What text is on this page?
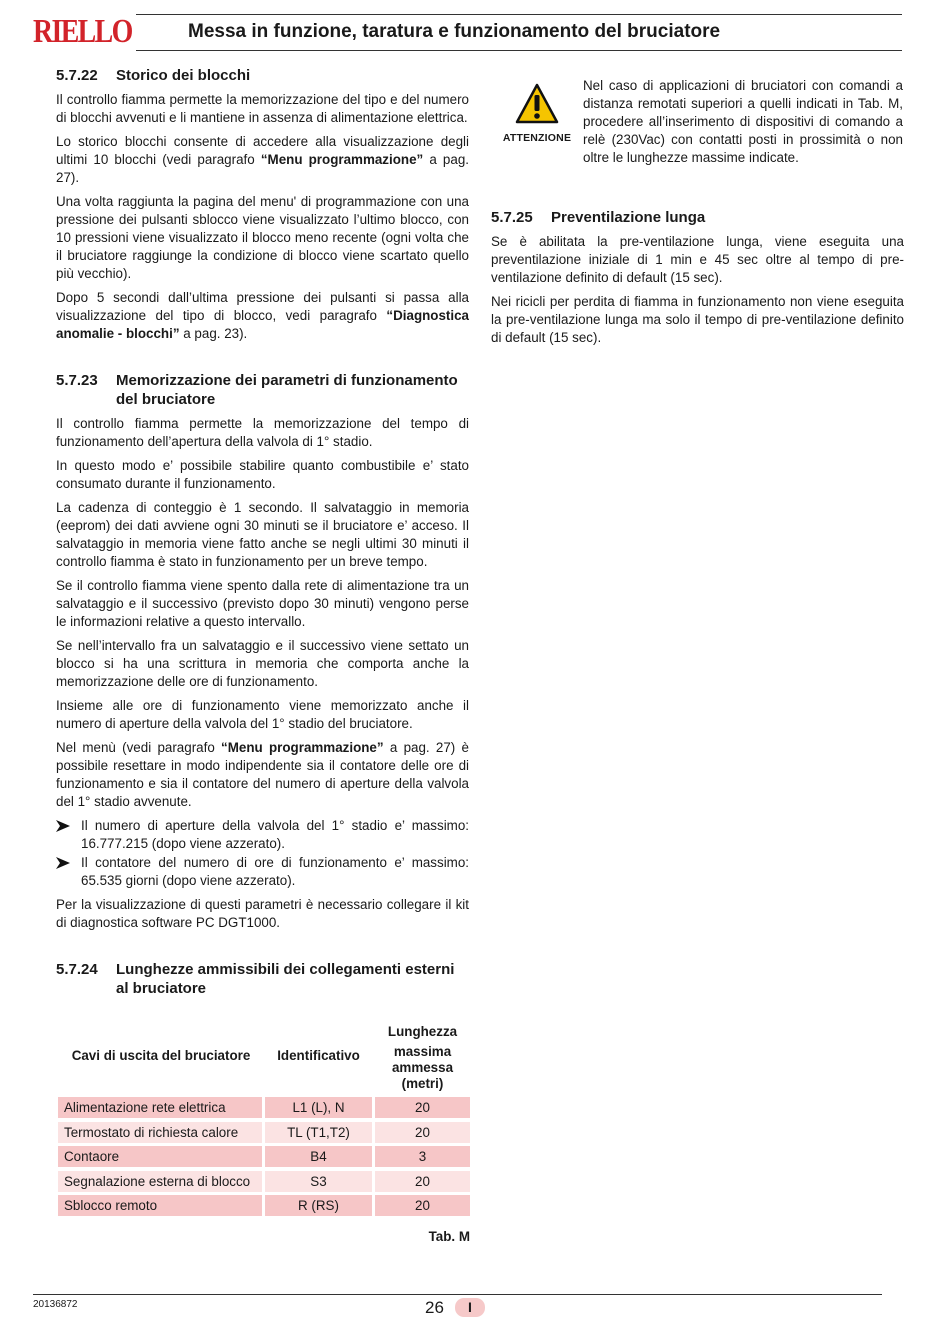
RIELLO	Messa in funzione, taratura e funzionamento del bruciatore
5.7.22	Storico dei blocchi

Il controllo fiamma permette la memorizzazione del tipo e del numero di blocchi avvenuti e li mantiene in assenza di alimentazione elettrica.

Lo storico blocchi consente di accedere alla visualizzazione degli ultimi 10 blocchi (vedi paragrafo “Menu programmazione” a pag. 27).

Una volta raggiunta la pagina del menu' di programmazione con una pressione dei pulsanti sblocco viene visualizzato l’ultimo blocco, con 10 pressioni viene visualizzato il blocco meno recente (ogni volta che il bruciatore raggiunge la condizione di blocco viene scartato quello più vecchio).

Dopo 5 secondi dall’ultima pressione dei pulsanti si passa alla visualizzazione del tipo di blocco, vedi paragrafo “Diagnostica anomalie - blocchi” a pag. 23).

5.7.23	Memorizzazione dei parametri di funzionamento del bruciatore

Il controllo fiamma permette la memorizzazione del tempo di funzionamento dell’apertura della valvola di 1° stadio.

In questo modo e’ possibile stabilire quanto combustibile e’ stato consumato durante il funzionamento.

La cadenza di conteggio è 1 secondo. Il salvataggio in memoria (eeprom) dei dati avviene ogni 30 minuti se il bruciatore e’ acceso. Il salvataggio in memoria viene fatto anche se negli ultimi 30 minuti il controllo fiamma è stato in funzionamento per un breve tempo.

Se il controllo fiamma viene spento dalla rete di alimentazione tra un salvataggio e il successivo (previsto dopo 30 minuti) vengono perse le informazioni relative a questo intervallo.

Se nell’intervallo fra un salvataggio e il successivo viene settato un blocco si ha una scrittura in memoria che comporta anche la memorizzazione delle ore di funzionamento.

Insieme alle ore di funzionamento viene memorizzato anche il numero di aperture della valvola del 1° stadio del bruciatore.

Nel menù (vedi paragrafo “Menu programmazione” a pag. 27) è possibile resettare in modo indipendente sia il contatore delle ore di funzionamento e sia il contatore del numero di aperture della valvola del 1° stadio avvenute.

Il numero di aperture della valvola del 1° stadio e’ massimo: 16.777.215 (dopo viene azzerato).
Il contatore del numero di ore di funzionamento e’ massimo: 65.535 giorni (dopo viene azzerato).

Per la visualizzazione di questi parametri è necessario collegare il kit di diagnostica software PC DGT1000.

5.7.24	Lunghezze ammissibili dei collegamenti esterni al bruciatore
Cavi di uscita del bruciatore	Identificativo
Lunghezza
massima ammessa (metri)
Alimentazione rete elettrica	L1 (L), N	20
Termostato di richiesta calore	TL (T1,T2)	20
Contaore	B4	3
Segnalazione esterna di blocco	S3	20
Sblocco remoto	R (RS)	20
Tab. M
ATTENZIONE

Nel caso di applicazioni di bruciatori con comandi a distanza remotati superiori a quelli indicati in Tab. M, procedere all’inserimento di dispositivi di comando a relè (230Vac) con contatti posti in prossimità o non oltre le lunghezze massime indicate.

5.7.25	Preventilazione lunga

Se è abilitata la pre-ventilazione lunga, viene eseguita una preventilazione iniziale di 1 min e 45 sec oltre al tempo di pre-ventilazione definito di default (15 sec).

Nei ricicli per perdita di fiamma in funzionamento non viene eseguita la pre-ventilazione lunga ma solo il tempo di pre-ventilazione definito di default (15 sec).

20136872	26	I
